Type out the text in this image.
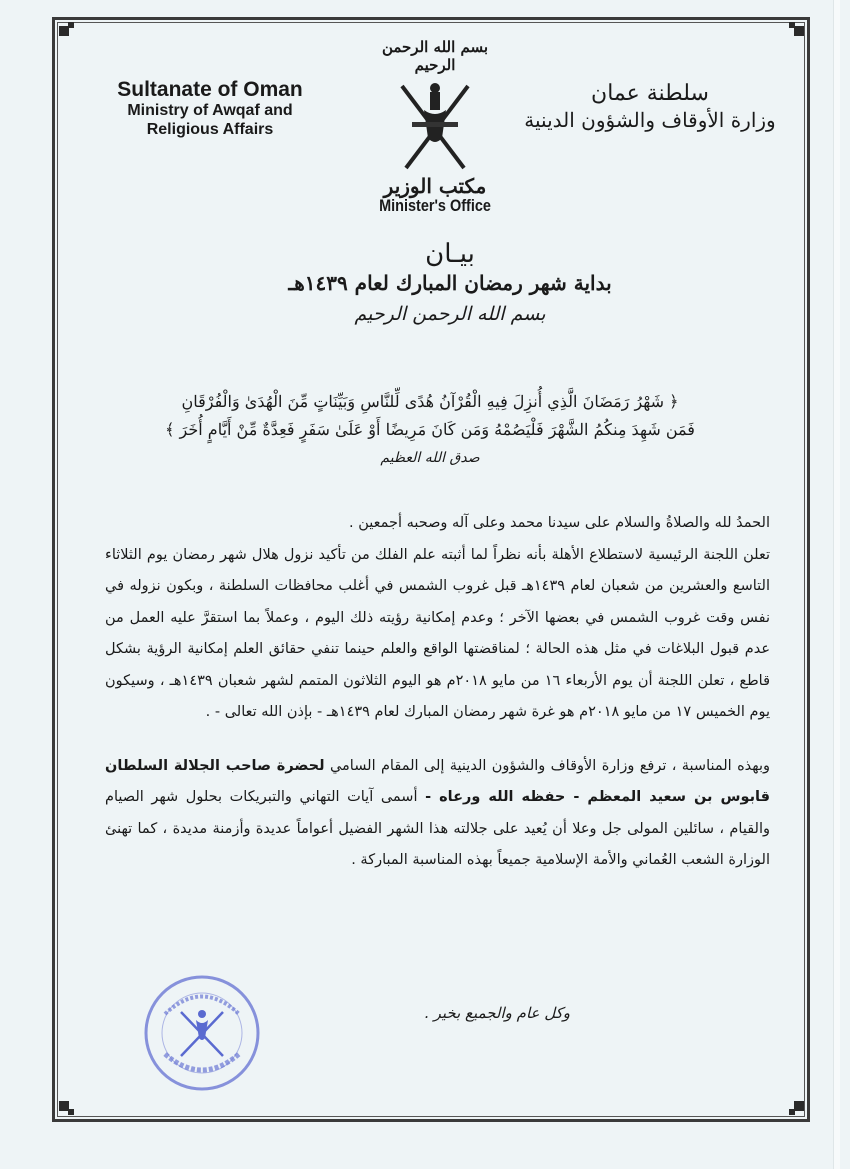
Sultanate of Oman
Ministry of Awqaf and
Religious Affairs
بسم الله الرحمن الرحيم
مكتب الوزير
Minister's Office
سلطنة عمان
وزارة الأوقاف والشؤون الدينية
بيـان
بداية شهر رمضان المبارك لعام ١٤٣٩هـ
بسم الله الرحمن الرحيم
﴿ شَهْرُ رَمَضَانَ الَّذِي أُنزِلَ فِيهِ الْقُرْآنُ هُدًى لِّلنَّاسِ وَبَيِّنَاتٍ مِّنَ الْهُدَىٰ وَالْفُرْقَانِ
فَمَن شَهِدَ مِنكُمُ الشَّهْرَ فَلْيَصُمْهُ وَمَن كَانَ مَرِيضًا أَوْ عَلَىٰ سَفَرٍ فَعِدَّةٌ مِّنْ أَيَّامٍ أُخَرَ ﴾
صدق الله العظيم

الحمدُ لله والصلاةُ والسلام على سيدنا محمد وعلى آله وصحبه أجمعين .

تعلن اللجنة الرئيسية لاستطلاع الأهلة بأنه نظراً لما أثبته علم الفلك من تأكيد نزول هلال شهر رمضان يوم الثلاثاء التاسع والعشرين من شعبان لعام ١٤٣٩هـ قبل غروب الشمس في أغلب محافظات السلطنة ، وبكون نزوله في نفس وقت غروب الشمس في بعضها الآخر ؛ وعدم إمكانية رؤيته ذلك اليوم ، وعملاً بما استقرَّ عليه العمل من عدم قبول البلاغات في مثل هذه الحالة ؛ لمناقضتها الواقع والعلم حينما تنفي حقائق العلم إمكانية الرؤية بشكل قاطع ، تعلن اللجنة أن يوم الأربعاء ١٦ من مايو ٢٠١٨م هو اليوم الثلاثون المتمم لشهر شعبان ١٤٣٩هـ ، وسيكون يوم الخميس ١٧ من مايو ٢٠١٨م هو غرة شهر رمضان المبارك لعام ١٤٣٩هـ - بإذن الله تعالى - .

وبهذه المناسبة ، ترفع وزارة الأوقاف والشؤون الدينية إلى المقام السامي لحضرة صاحب الجلالة السلطان قابوس بن سعيد المعظم - حفظه الله ورعاه - أسمى آيات التهاني والتبريكات بحلول شهر الصيام والقيام ، سائلين المولى جل وعلا أن يُعيد على جلالته هذا الشهر الفضيل أعواماً عديدة وأزمنة مديدة ، كما تهنئ الوزارة الشعب العُماني والأمة الإسلامية جميعاً بهذه المناسبة المباركة .

وكل عام والجميع بخير .
